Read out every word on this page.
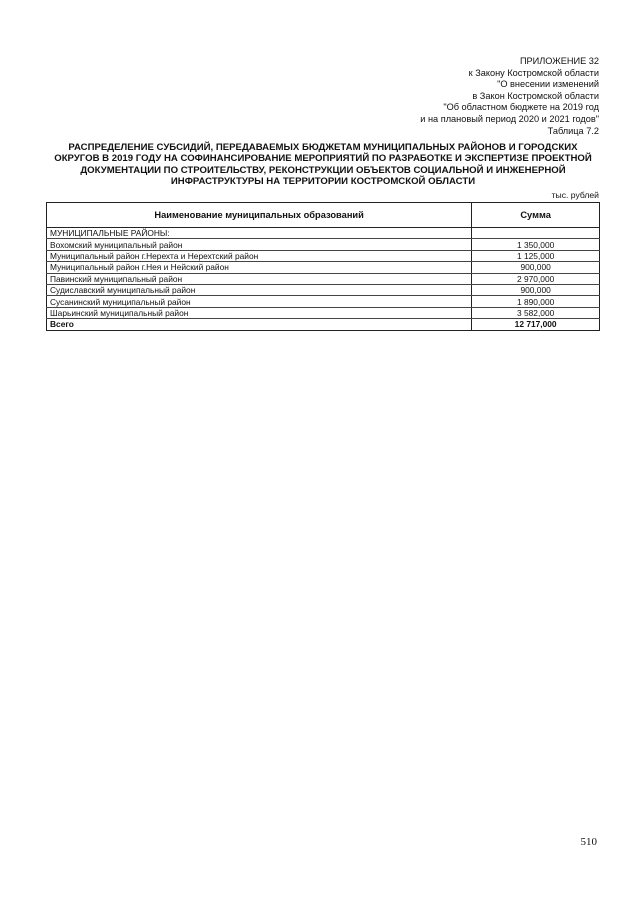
ПРИЛОЖЕНИЕ 32
к Закону Костромской области
"О внесении изменений
в Закон Костромской области
"Об областном бюджете на 2019 год
и на плановый период 2020 и 2021 годов"
Таблица 7.2
РАСПРЕДЕЛЕНИЕ СУБСИДИЙ, ПЕРЕДАВАЕМЫХ БЮДЖЕТАМ МУНИЦИПАЛЬНЫХ РАЙОНОВ И ГОРОДСКИХ
ОКРУГОВ В 2019 ГОДУ НА СОФИНАНСИРОВАНИЕ МЕРОПРИЯТИЙ ПО РАЗРАБОТКЕ И ЭКСПЕРТИЗЕ ПРОЕКТНОЙ
ДОКУМЕНТАЦИИ ПО СТРОИТЕЛЬСТВУ, РЕКОНСТРУКЦИИ ОБЪЕКТОВ СОЦИАЛЬНОЙ И ИНЖЕНЕРНОЙ
ИНФРАСТРУКТУРЫ НА ТЕРРИТОРИИ КОСТРОМСКОЙ ОБЛАСТИ
тыс. рублей
Наименование муниципальных образований	Сумма
МУНИЦИПАЛЬНЫЕ РАЙОНЫ:	
Вохомский муниципальный район	1 350,000
Муниципальный район г.Нерехта и Нерехтский район	1 125,000
Муниципальный район г.Нея и Нейский район	900,000
Павинский муниципальный район	2 970,000
Судиславский муниципальный район	900,000
Сусанинский муниципальный район	1 890,000
Шарьинский муниципальный район	3 582,000
Всего	12 717,000
510
